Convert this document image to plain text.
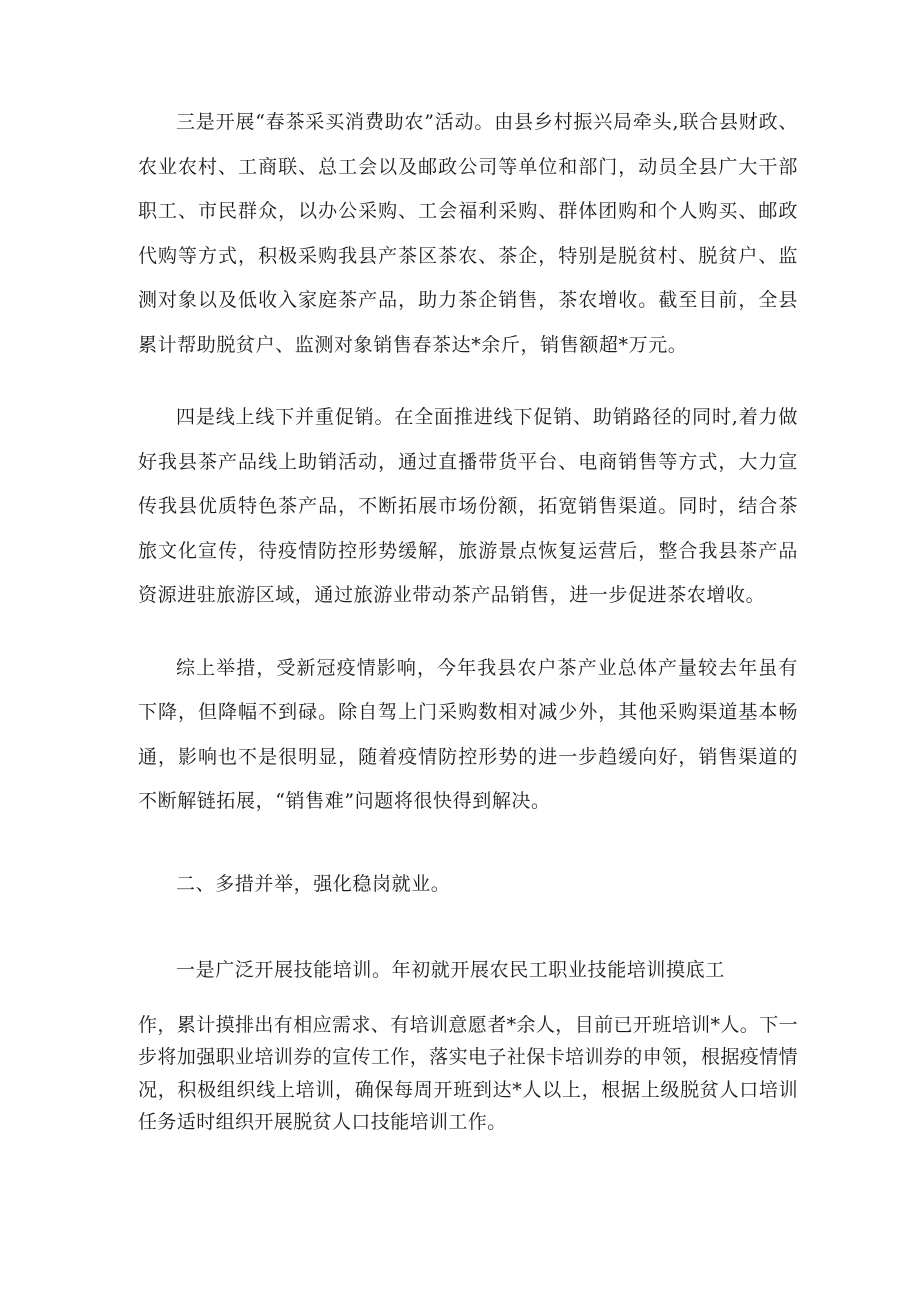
三是开展“春茶采买消费助农”活动。由县乡村振兴局牵头,联合县财政、农业农村、工商联、总工会以及邮政公司等单位和部门，动员全县广大干部职工、市民群众，以办公采购、工会福利采购、群体团购和个人购买、邮政代购等方式，积极采购我县产茶区茶农、茶企，特别是脱贫村、脱贫户、监测对象以及低收入家庭茶产品，助力茶企销售，茶农增收。截至目前，全县累计帮助脱贫户、监测对象销售春茶达*余斤，销售额超*万元。

四是线上线下并重促销。在全面推进线下促销、助销路径的同时,着力做好我县茶产品线上助销活动，通过直播带货平台、电商销售等方式，大力宣传我县优质特色茶产品，不断拓展市场份额，拓宽销售渠道。同时，结合茶旅文化宣传，待疫情防控形势缓解，旅游景点恢复运营后，整合我县茶产品资源进驻旅游区域，通过旅游业带动茶产品销售，进一步促进茶农增收。

综上举措，受新冠疫情影响，今年我县农户茶产业总体产量较去年虽有下降，但降幅不到碌。除自驾上门采购数相对减少外，其他采购渠道基本畅通，影响也不是很明显，随着疫情防控形势的进一步趋缓向好，销售渠道的不断解链拓展，“销售难”问题将很快得到解决。

二、多措并举，强化稳岗就业。

一是广泛开展技能培训。年初就开展农民工职业技能培训摸底工

作，累计摸排出有相应需求、有培训意愿者*余人，目前已开班培训*人。下一步将加强职业培训券的宣传工作，落实电子社保卡培训券的申领，根据疫情情况，积极组织线上培训，确保每周开班到达*人以上，根据上级脱贫人口培训任务适时组织开展脱贫人口技能培训工作。
